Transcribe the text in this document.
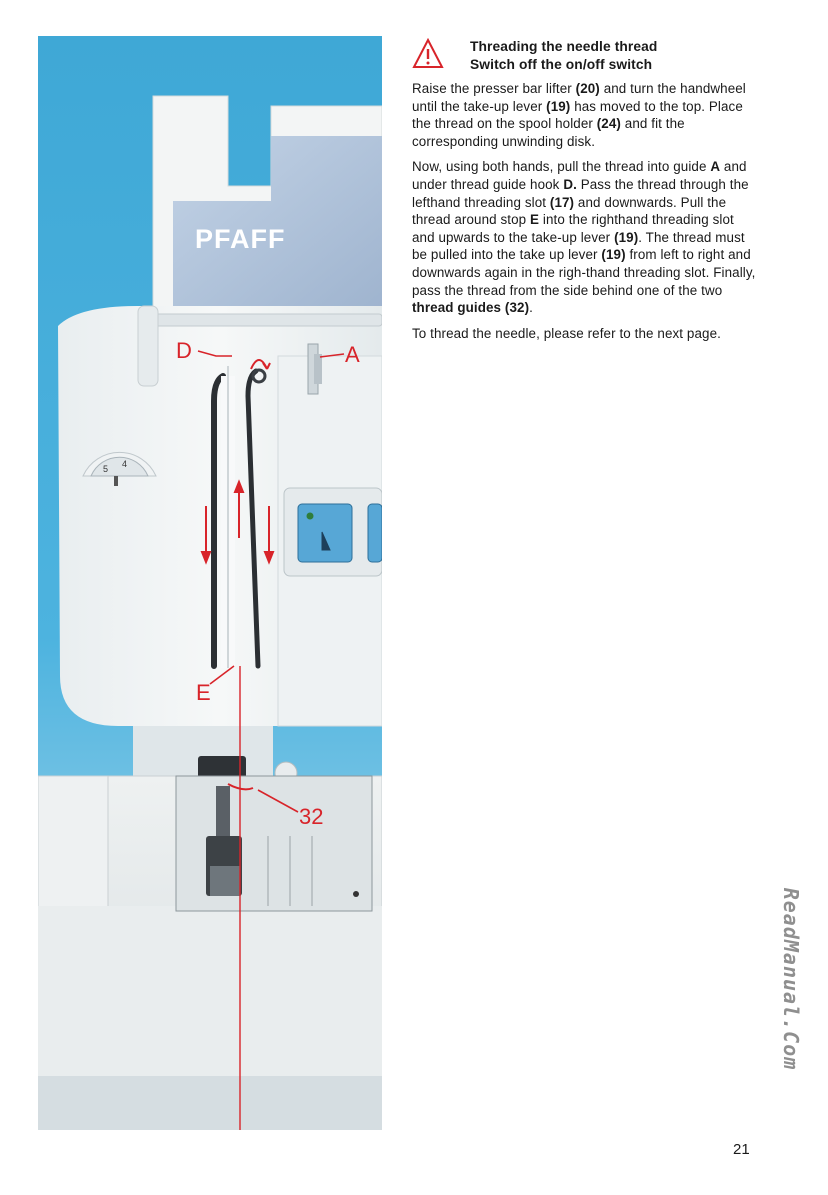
PFAFF
5 4
D	A
E
32
Threading the needle thread
Switch off the on/off switch

Raise the presser bar lifter (20) and turn the handwheel until the take-up lever (19) has moved to the top. Place the thread on the spool holder (24) and fit the corresponding unwinding disk.

Now, using both hands, pull the thread into guide A and under thread guide hook D. Pass the thread through the lefthand threading slot (17) and downwards. Pull the thread around stop E into the righthand threading slot and upwards to the take-up lever (19). The thread must be pulled into the take up lever (19) from left to right and downwards again in the righ-thand threading slot. Finally, pass the thread from the side behind one of the two thread guides (32).

To thread the needle, please refer to the next page.

21
ReadManual.Com
